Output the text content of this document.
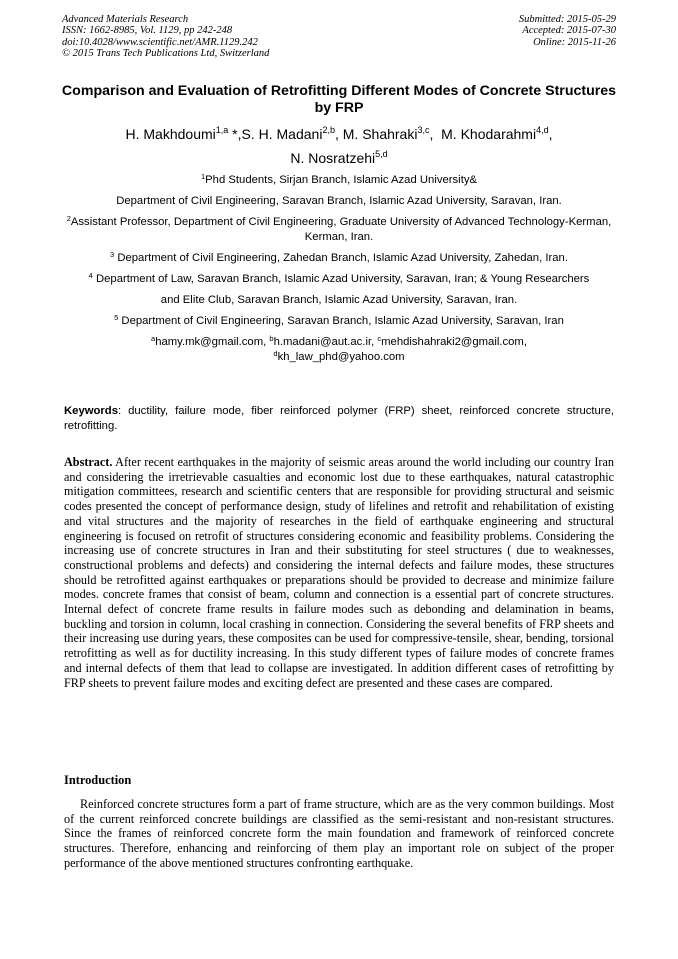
Advanced Materials Research
ISSN: 1662-8985, Vol. 1129, pp 242-248
doi:10.4028/www.scientific.net/AMR.1129.242
© 2015 Trans Tech Publications Ltd, Switzerland
Submitted: 2015-05-29
Accepted: 2015-07-30
Online: 2015-11-26
Comparison and Evaluation of Retrofitting Different Modes of Concrete Structures by FRP
H. Makhdoumi$^{1,a}$ *,S. H. Madani$^{2,b}$, M. Shahraki$^{3,c}$,  M. Khodarahmi$^{4,d}$,
N. Nosratzehi$^{5,d}$

$^1$Phd Students, Sirjan Branch, Islamic Azad University&

Department of Civil Engineering, Saravan Branch, Islamic Azad University, Saravan, Iran.

$^2$Assistant Professor, Department of Civil Engineering, Graduate University of Advanced Technology-Kerman, Kerman, Iran.

$^3$ Department of Civil Engineering, Zahedan Branch, Islamic Azad University, Zahedan, Iran.

$^4$ Department of Law, Saravan Branch, Islamic Azad University, Saravan, Iran; & Young Researchers

and Elite Club, Saravan Branch, Islamic Azad University, Saravan, Iran.

$^5$ Department of Civil Engineering, Saravan Branch, Islamic Azad University, Saravan, Iran

$^a$hamy.mk@gmail.com, $^b$h.madani@aut.ac.ir, $^c$mehdishahraki2@gmail.com,
$^d$kh_law_phd@yahoo.com

Keywords: ductility, failure mode, fiber reinforced polymer (FRP) sheet, reinforced concrete structure, retrofitting.
Abstract. After recent earthquakes in the majority of seismic areas around the world including our country Iran and considering the irretrievable casualties and economic lost due to these earthquakes, natural catastrophic mitigation committees, research and scientific centers that are responsible for providing structural and seismic codes presented the concept of performance design, study of lifelines and retrofit and rehabilitation of existing and vital structures and the majority of researches in the field of earthquake engineering and structural engineering is focused on retrofit of structures considering economic and feasibility problems. Considering the increasing use of concrete structures in Iran and their substituting for steel structures ( due to weaknesses, constructional problems and defects) and considering the internal defects and failure modes, these structures should be retrofitted against earthquakes or preparations should be provided to decrease and minimize failure modes. concrete frames that consist of beam, column and connection is a essential part of concrete structures. Internal defect of concrete frame results in failure modes such as debonding and delamination in beams, buckling and torsion in column, local crashing in connection. Considering the several benefits of FRP sheets and their increasing use during years, these composites can be used for compressive-tensile, shear, bending, torsional retrofitting as well as for ductility increasing. In this study different types of failure modes of concrete frames and internal defects of them that lead to collapse are investigated. In addition different cases of retrofitting by FRP sheets to prevent failure modes and exciting defect are presented and these cases are compared.
Introduction
Reinforced concrete structures form a part of frame structure, which are as the very common buildings. Most of the current reinforced concrete buildings are classified as the semi-resistant and non-resistant structures. Since the frames of reinforced concrete form the main foundation and framework of reinforced concrete structures. Therefore, enhancing and reinforcing of them play an important role on subject of the proper performance of the above mentioned structures confronting earthquake.
